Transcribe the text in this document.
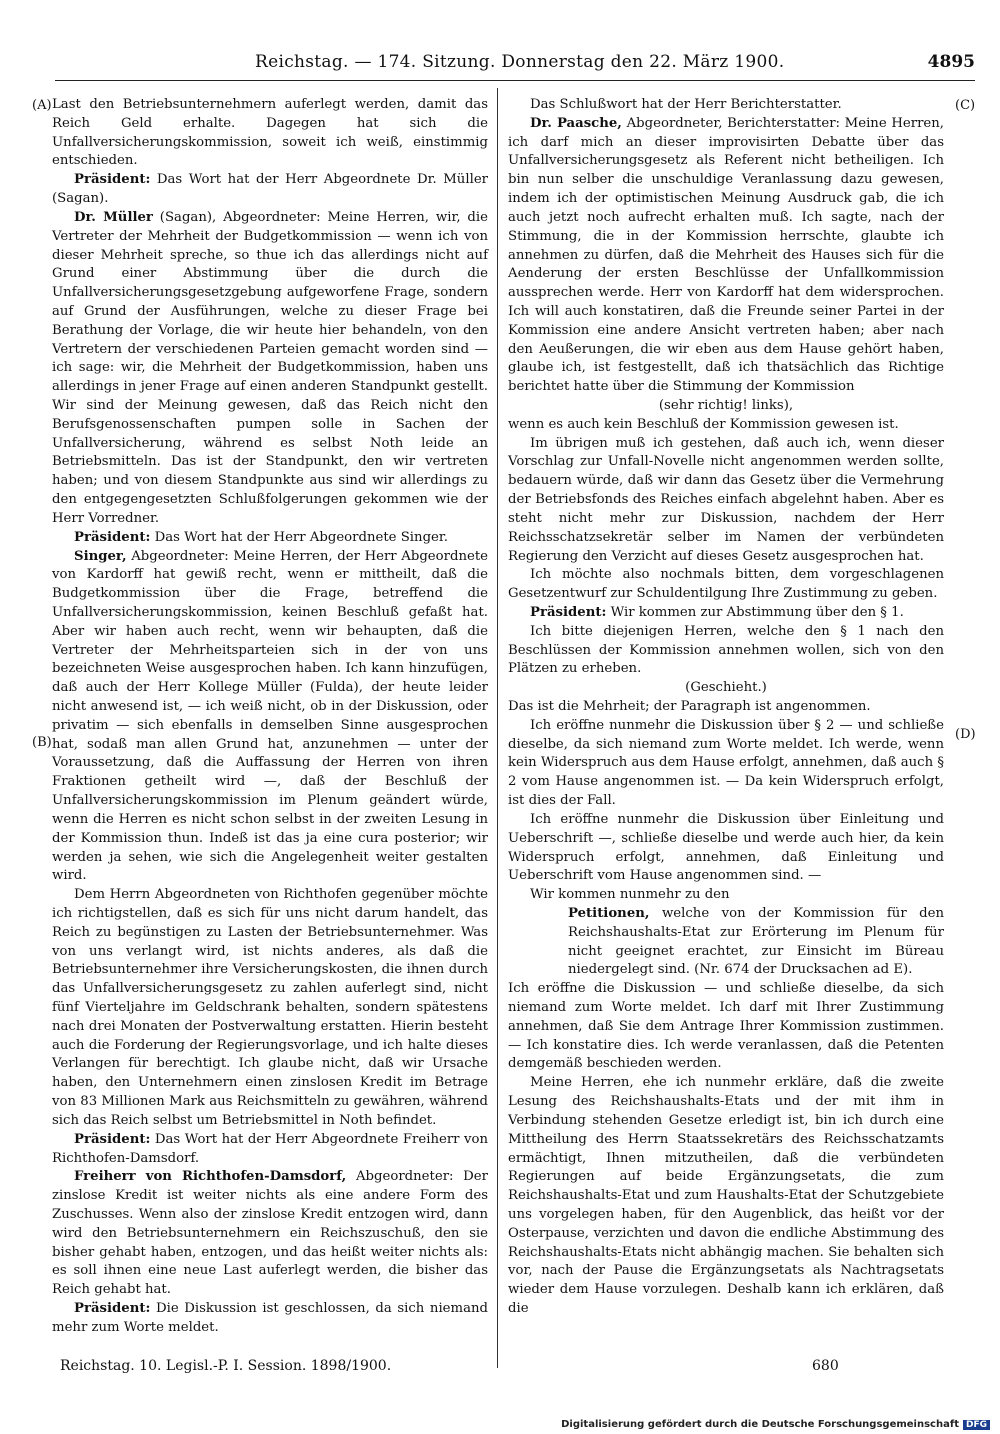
Reichstag. — 174. Sitzung. Donnerstag den 22. März 1900.	4895
(A)
(B)
(C)
(D)

Last den Betriebsunternehmern auferlegt werden, damit das Reich Geld erhalte. Dagegen hat sich die Unfallversicherungskommission, soweit ich weiß, einstimmig entschieden.

Präsident: Das Wort hat der Herr Abgeordnete Dr. Müller (Sagan).

Dr. Müller (Sagan), Abgeordneter: Meine Herren, wir, die Vertreter der Mehrheit der Budgetkommission — wenn ich von dieser Mehrheit spreche, so thue ich das allerdings nicht auf Grund einer Abstimmung über die durch die Unfallversicherungsgesetzgebung aufgeworfene Frage, sondern auf Grund der Ausführungen, welche zu dieser Frage bei Berathung der Vorlage, die wir heute hier behandeln, von den Vertretern der verschiedenen Parteien gemacht worden sind — ich sage: wir, die Mehrheit der Budgetkommission, haben uns allerdings in jener Frage auf einen anderen Standpunkt gestellt. Wir sind der Meinung gewesen, daß das Reich nicht den Berufsgenossenschaften pumpen solle in Sachen der Unfallversicherung, während es selbst Noth leide an Betriebsmitteln. Das ist der Standpunkt, den wir vertreten haben; und von diesem Standpunkte aus sind wir allerdings zu den entgegengesetzten Schlußfolgerungen gekommen wie der Herr Vorredner.

Präsident: Das Wort hat der Herr Abgeordnete Singer.

Singer, Abgeordneter: Meine Herren, der Herr Abgeordnete von Kardorff hat gewiß recht, wenn er mittheilt, daß die Budgetkommission über die Frage, betreffend die Unfallversicherungskommission, keinen Beschluß gefaßt hat. Aber wir haben auch recht, wenn wir behaupten, daß die Vertreter der Mehrheitsparteien sich in der von uns bezeichneten Weise ausgesprochen haben. Ich kann hinzufügen, daß auch der Herr Kollege Müller (Fulda), der heute leider nicht anwesend ist, — ich weiß nicht, ob in der Diskussion, oder privatim — sich ebenfalls in demselben Sinne ausgesprochen hat, sodaß man allen Grund hat, anzunehmen — unter der Voraussetzung, daß die Auffassung der Herren von ihren Fraktionen getheilt wird —, daß der Beschluß der Unfallversicherungskommission im Plenum geändert würde, wenn die Herren es nicht schon selbst in der zweiten Lesung in der Kommission thun. Indeß ist das ja eine cura posterior; wir werden ja sehen, wie sich die Angelegenheit weiter gestalten wird.

Dem Herrn Abgeordneten von Richthofen gegenüber möchte ich richtigstellen, daß es sich für uns nicht darum handelt, das Reich zu begünstigen zu Lasten der Betriebsunternehmer. Was von uns verlangt wird, ist nichts anderes, als daß die Betriebsunternehmer ihre Versicherungskosten, die ihnen durch das Unfallversicherungsgesetz zu zahlen auferlegt sind, nicht fünf Vierteljahre im Geldschrank behalten, sondern spätestens nach drei Monaten der Postverwaltung erstatten. Hierin besteht auch die Forderung der Regierungsvorlage, und ich halte dieses Verlangen für berechtigt. Ich glaube nicht, daß wir Ursache haben, den Unternehmern einen zinslosen Kredit im Betrage von 83 Millionen Mark aus Reichsmitteln zu gewähren, während sich das Reich selbst um Betriebsmittel in Noth befindet.

Präsident: Das Wort hat der Herr Abgeordnete Freiherr von Richthofen-Damsdorf.

Freiherr von Richthofen-Damsdorf, Abgeordneter: Der zinslose Kredit ist weiter nichts als eine andere Form des Zuschusses. Wenn also der zinslose Kredit entzogen wird, dann wird den Betriebsunternehmern ein Reichszuschuß, den sie bisher gehabt haben, entzogen, und das heißt weiter nichts als: es soll ihnen eine neue Last auferlegt werden, die bisher das Reich gehabt hat.

Präsident: Die Diskussion ist geschlossen, da sich niemand mehr zum Worte meldet.

Das Schlußwort hat der Herr Berichterstatter.

Dr. Paasche, Abgeordneter, Berichterstatter: Meine Herren, ich darf mich an dieser improvisirten Debatte über das Unfallversicherungsgesetz als Referent nicht betheiligen. Ich bin nun selber die unschuldige Veranlassung dazu gewesen, indem ich der optimistischen Meinung Ausdruck gab, die ich auch jetzt noch aufrecht erhalten muß. Ich sagte, nach der Stimmung, die in der Kommission herrschte, glaubte ich annehmen zu dürfen, daß die Mehrheit des Hauses sich für die Aenderung der ersten Beschlüsse der Unfallkommission aussprechen werde. Herr von Kardorff hat dem widersprochen. Ich will auch konstatiren, daß die Freunde seiner Partei in der Kommission eine andere Ansicht vertreten haben; aber nach den Aeußerungen, die wir eben aus dem Hause gehört haben, glaube ich, ist festgestellt, daß ich thatsächlich das Richtige berichtet hatte über die Stimmung der Kommission

(sehr richtig! links),

wenn es auch kein Beschluß der Kommission gewesen ist.

Im übrigen muß ich gestehen, daß auch ich, wenn dieser Vorschlag zur Unfall-Novelle nicht angenommen werden sollte, bedauern würde, daß wir dann das Gesetz über die Vermehrung der Betriebsfonds des Reiches einfach abgelehnt haben. Aber es steht nicht mehr zur Diskussion, nachdem der Herr Reichsschatzsekretär selber im Namen der verbündeten Regierung den Verzicht auf dieses Gesetz ausgesprochen hat.

Ich möchte also nochmals bitten, dem vorgeschlagenen Gesetzentwurf zur Schuldentilgung Ihre Zustimmung zu geben.

Präsident: Wir kommen zur Abstimmung über den § 1.

Ich bitte diejenigen Herren, welche den § 1 nach den Beschlüssen der Kommission annehmen wollen, sich von den Plätzen zu erheben.

(Geschieht.)

Das ist die Mehrheit; der Paragraph ist angenommen.

Ich eröffne nunmehr die Diskussion über § 2 — und schließe dieselbe, da sich niemand zum Worte meldet. Ich werde, wenn kein Widerspruch aus dem Hause erfolgt, annehmen, daß auch § 2 vom Hause angenommen ist. — Da kein Widerspruch erfolgt, ist dies der Fall.

Ich eröffne nunmehr die Diskussion über Einleitung und Ueberschrift —, schließe dieselbe und werde auch hier, da kein Widerspruch erfolgt, annehmen, daß Einleitung und Ueberschrift vom Hause angenommen sind. —

Wir kommen nunmehr zu den

Petitionen, welche von der Kommission für den Reichshaushalts-Etat zur Erörterung im Plenum für nicht geeignet erachtet, zur Einsicht im Büreau niedergelegt sind. (Nr. 674 der Drucksachen ad E).

Ich eröffne die Diskussion — und schließe dieselbe, da sich niemand zum Worte meldet. Ich darf mit Ihrer Zustimmung annehmen, daß Sie dem Antrage Ihrer Kommission zustimmen. — Ich konstatire dies. Ich werde veranlassen, daß die Petenten demgemäß beschieden werden.

Meine Herren, ehe ich nunmehr erkläre, daß die zweite Lesung des Reichshaushalts-Etats und der mit ihm in Verbindung stehenden Gesetze erledigt ist, bin ich durch eine Mittheilung des Herrn Staatssekretärs des Reichsschatzamts ermächtigt, Ihnen mitzutheilen, daß die verbündeten Regierungen auf beide Ergänzungsetats, die zum Reichshaushalts-Etat und zum Haushalts-Etat der Schutzgebiete uns vorgelegen haben, für den Augenblick, das heißt vor der Osterpause, verzichten und davon die endliche Abstimmung des Reichshaushalts-Etats nicht abhängig machen. Sie behalten sich vor, nach der Pause die Ergänzungsetats als Nachtragsetats wieder dem Hause vorzulegen. Deshalb kann ich erklären, daß die

Reichstag. 10. Legisl.-P. I. Session. 1898/1900.	680
Digitalisierung gefördert durch die Deutsche Forschungsgemeinschaft DFG
